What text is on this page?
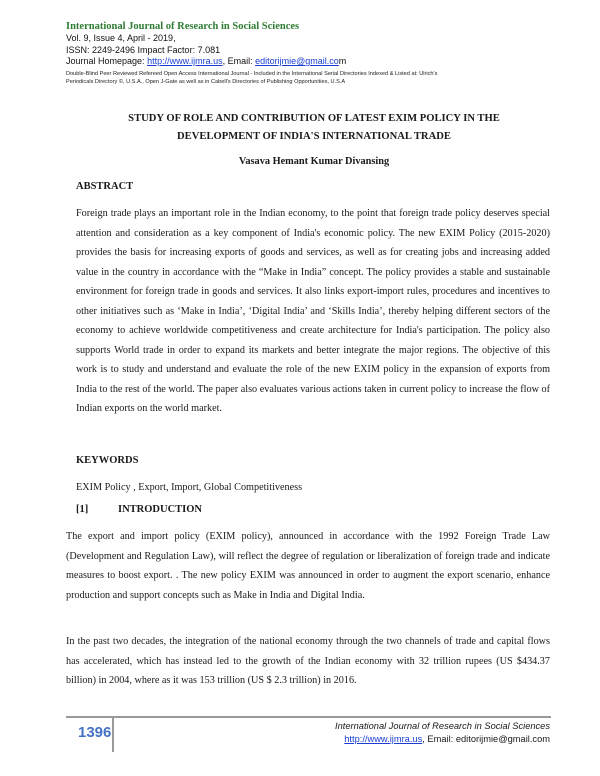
International Journal of Research in Social Sciences
Vol. 9, Issue 4, April - 2019,
ISSN: 2249-2496 Impact Factor: 7.081
Journal Homepage: http://www.ijmra.us, Email: editorijmie@gmail.com
Double-Blind Peer Reviewed Refereed Open Access International Journal - Included in the International Serial Directories Indexed & Listed at: Ulrich's
Periodicals Directory ©, U.S.A., Open J-Gate as well as in Cabell's Directories of Publishing Opportunities, U.S.A
STUDY OF ROLE AND CONTRIBUTION OF LATEST EXIM POLICY IN THE
DEVELOPMENT OF INDIA'S INTERNATIONAL TRADE
Vasava Hemant Kumar Divansing
ABSTRACT
Foreign trade plays an important role in the Indian economy, to the point that foreign trade policy deserves special attention and consideration as a key component of India's economic policy. The new EXIM Policy (2015-2020) provides the basis for increasing exports of goods and services, as well as for creating jobs and increasing added value in the country in accordance with the “Make in India” concept. The policy provides a stable and sustainable environment for foreign trade in goods and services. It also links export-import rules, procedures and incentives to other initiatives such as ‘Make in India’, ‘Digital India’ and ‘Skills India’, thereby helping different sectors of the economy to achieve worldwide competitiveness and create architecture for India's participation. The policy also supports World trade in order to expand its markets and better integrate the major regions. The objective of this work is to study and understand and evaluate the role of the new EXIM policy in the expansion of exports from India to the rest of the world. The paper also evaluates various actions taken in current policy to increase the flow of Indian exports on the world market.
KEYWORDS
EXIM Policy , Export, Import, Global Competitiveness
[1]	INTRODUCTION
The export and import policy (EXIM policy), announced in accordance with the 1992 Foreign Trade Law (Development and Regulation Law), will reflect the degree of regulation or liberalization of foreign trade and indicate measures to boost export. . The new policy EXIM was announced in order to augment the export scenario, enhance production and support concepts such as Make in India and Digital India.
In the past two decades, the integration of the national economy through the two channels of trade and capital flows has accelerated, which has instead led to the growth of the Indian economy with 32 trillion rupees (US $434.37 billion) in 2004, where as it was 153 trillion (US $ 2.3 trillion) in 2016.
1396	International Journal of Research in Social Sciences
http://www.ijmra.us, Email: editorijmie@gmail.com
